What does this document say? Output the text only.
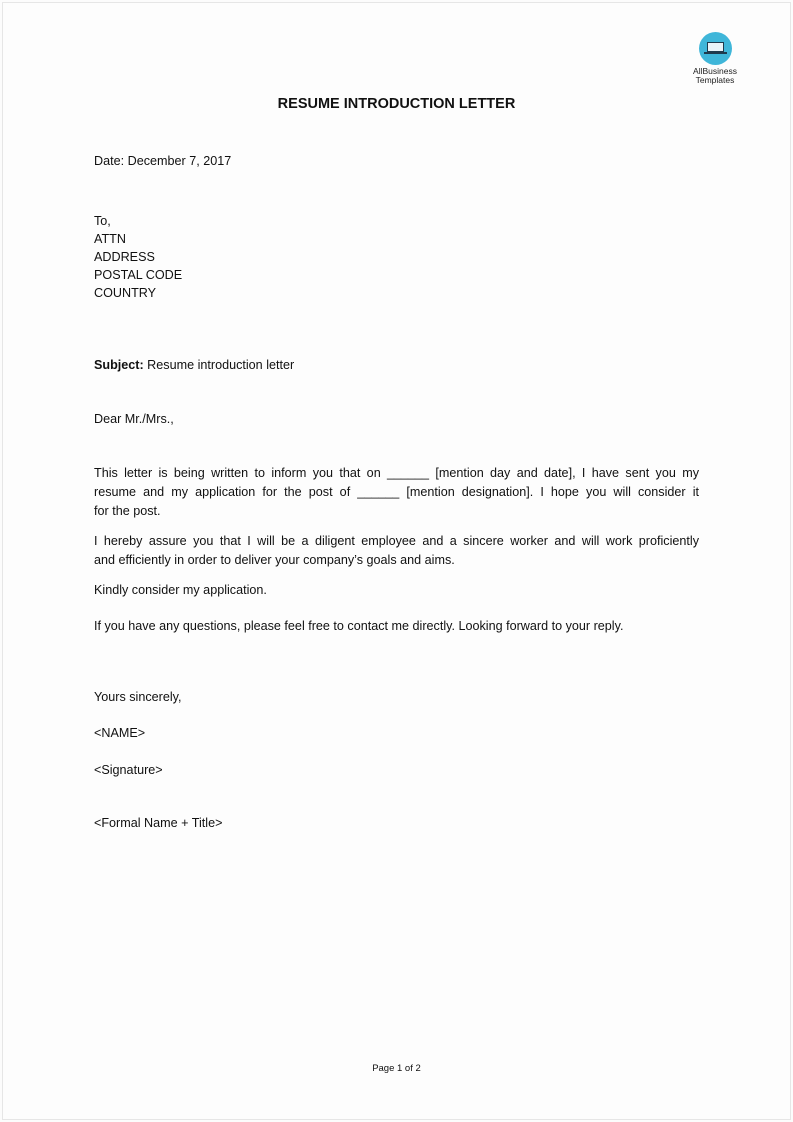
AllBusiness
Templates
RESUME INTRODUCTION LETTER
Date: December 7, 2017
To,
ATTN
ADDRESS
POSTAL CODE
COUNTRY
Subject: Resume introduction letter
Dear Mr./Mrs.,
This letter is being written to inform you that on ______ [mention day and date], I have sent you my
resume and my application for the post of ______ [mention designation]. I hope you will consider it
for the post.
I hereby assure you that I will be a diligent employee and a sincere worker and will work proficiently
and efficiently in order to deliver your company’s goals and aims.
Kindly consider my application.
If you have any questions, please feel free to contact me directly. Looking forward to your reply.
Yours sincerely,
<NAME>
<Signature>
<Formal Name + Title>
Page 1 of 2
